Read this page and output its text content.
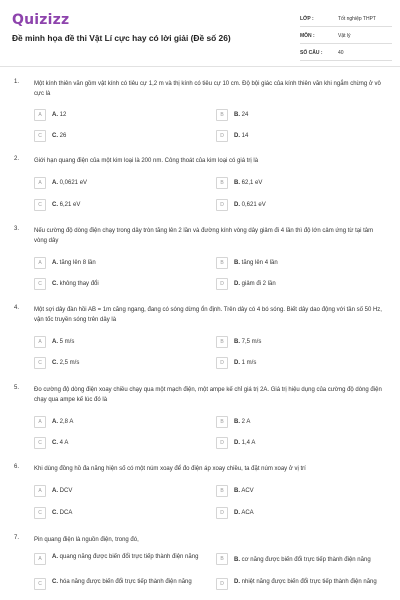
Quizizz
Đề minh họa đề thi Vật Lí cực hay có lời giải (Đề số 26)
LỚP :	Tốt nghiệp THPT
MÔN :	Vật lý
SỐ CÂU :	40
1. Một kính thiên văn gồm vật kính có tiêu cự 1,2 m và thị kính có tiêu cự 10 cm. Độ bội giác của kính thiên văn khi ngắm chừng ở vô cực là
A	A. 12	B	B. 24
C	C. 26	D	D. 14
2. Giới hạn quang điện của một kim loại là 200 nm. Công thoát của kim loại có giá trị là
A	A. 0,0621 eV	B	B. 62,1 eV
C	C. 6,21 eV	D	D. 0,621 eV
3. Nếu cường độ dòng điện chạy trong dây tròn tăng lên 2 lần và đường kính vòng dây giảm đi 4 lần thì độ lớn cảm ứng từ tại tâm vòng dây
A	A. tăng lên 8 lần	B	B. tăng lên 4 lần
C	C. không thay đổi	D	D. giảm đi 2 lần
4. Một sợi dây đàn hồi AB = 1m căng ngang, đang có sóng dừng ổn định. Trên dây có 4 bó sóng. Biết dây dao động với tần số 50 Hz, vận tốc truyền sóng trên dây là
A	A. 5 m/s	B	B. 7,5 m/s
C	C. 2,5 m/s	D	D. 1 m/s
5. Đo cường độ dòng điện xoay chiều chạy qua một mạch điện, một ampe kế chỉ giá trị 2A. Giá trị hiệu dụng của cường độ dòng điện chạy qua ampe kế lúc đó là
A	A. 2,8 A	B	B. 2 A
C	C. 4 A	D	D. 1,4 A
6. Khi dùng đồng hồ đa năng hiện số có một núm xoay để đo điện áp xoay chiều, ta đặt núm xoay ở vị trí
A	A. DCV	B	B. ACV
C	C. DCA	D	D. ACA
7. Pin quang điện là nguồn điện, trong đó,
A	A. quang năng được biến đổi trực tiếp thành điện năng	B	B. cơ năng được biến đổi trực tiếp thành điện năng
C	C. hóa năng được biến đổi trực tiếp thành điện năng	D	D. nhiệt năng được biến đổi trực tiếp thành điện năng
